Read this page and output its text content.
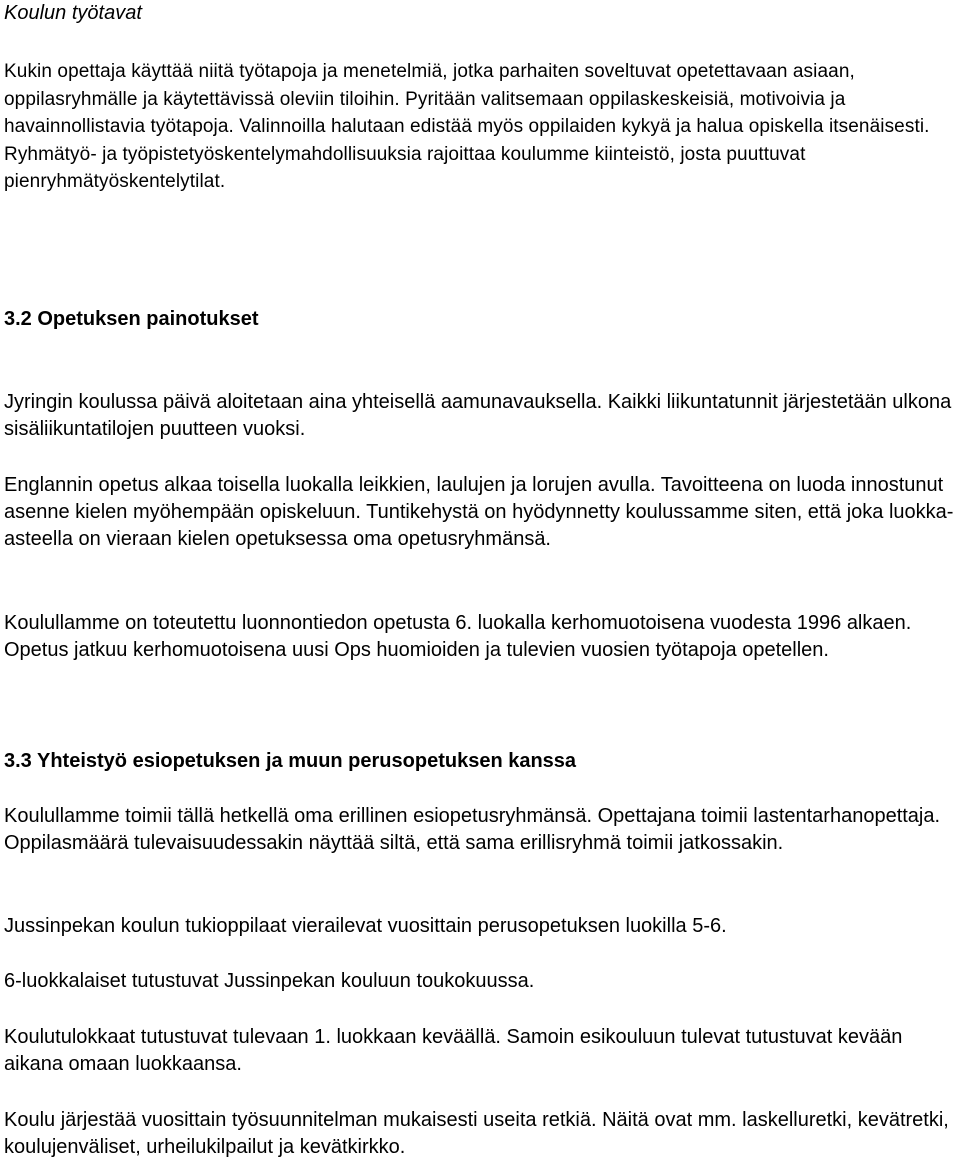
Koulun työtavat

Kukin opettaja käyttää niitä työtapoja ja menetelmiä, jotka parhaiten soveltuvat opetettavaan asiaan, oppilasryhmälle ja käytettävissä oleviin tiloihin. Pyritään valitsemaan oppilaskeskeisiä, motivoivia ja havainnollistavia työtapoja. Valinnoilla halutaan edistää myös oppilaiden kykyä ja halua opiskella itsenäisesti. Ryhmätyö- ja työpistetyöskentelymahdollisuuksia rajoittaa koulumme kiinteistö, josta puuttuvat pienryhmätyöskentelytilat.

3.2 Opetuksen painotukset

Jyringin koulussa päivä aloitetaan aina yhteisellä aamunavauksella. Kaikki liikuntatunnit järjestetään ulkona sisäliikuntatilojen puutteen vuoksi.

Englannin opetus alkaa toisella luokalla leikkien, laulujen ja lorujen avulla. Tavoitteena on luoda innostunut asenne kielen myöhempään opiskeluun. Tuntikehystä on hyödynnetty koulussamme siten, että joka luokka-asteella on vieraan kielen opetuksessa oma opetusryhmänsä.

Koulullamme on toteutettu luonnontiedon opetusta 6. luokalla kerhomuotoisena vuodesta 1996 alkaen. Opetus jatkuu kerhomuotoisena uusi Ops huomioiden ja tulevien vuosien työtapoja opetellen.

3.3 Yhteistyö esiopetuksen ja muun perusopetuksen kanssa

Koulullamme toimii tällä hetkellä oma erillinen esiopetusryhmänsä. Opettajana toimii lastentarhanopettaja. Oppilasmäärä tulevaisuudessakin näyttää siltä, että sama erillisryhmä toimii jatkossakin.

Jussinpekan koulun tukioppilaat vierailevat vuosittain perusopetuksen luokilla 5-6.

6-luokkalaiset tutustuvat Jussinpekan kouluun toukokuussa.

Koulutulokkaat tutustuvat tulevaan 1. luokkaan keväällä. Samoin esikouluun tulevat tutustuvat kevään aikana omaan luokkaansa.

Koulu järjestää vuosittain työsuunnitelman mukaisesti useita retkiä. Näitä ovat mm. laskelluretki, kevätretki, koulujenväliset, urheilukilpailut ja kevätkirkko.
